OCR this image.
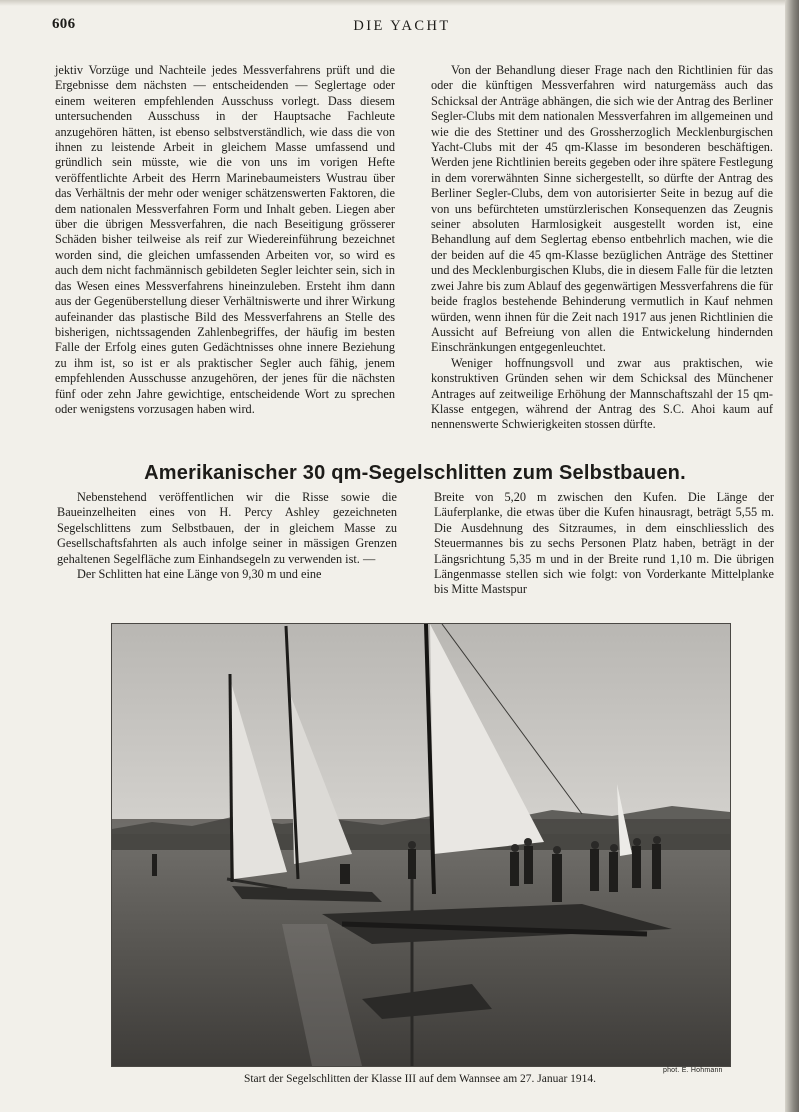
606	DIE YACHT

jektiv Vorzüge und Nachteile jedes Messverfahrens prüft und die Ergebnisse dem nächsten — entscheidenden — Seglertage oder einem weiteren empfehlenden Ausschuss vorlegt. Dass diesem untersuchenden Ausschuss in der Hauptsache Fachleute anzugehören hätten, ist ebenso selbstverständlich, wie dass die von ihnen zu leistende Arbeit in gleichem Masse umfassend und gründlich sein müsste, wie die von uns im vorigen Hefte veröffentlichte Arbeit des Herrn Marinebaumeisters Wustrau über das Verhältnis der mehr oder weniger schätzenswerten Faktoren, die dem nationalen Messverfahren Form und Inhalt geben. Liegen aber über die übrigen Messverfahren, die nach Beseitigung grösserer Schäden bisher teilweise als reif zur Wiedereinführung bezeichnet worden sind, die gleichen umfassenden Arbeiten vor, so wird es auch dem nicht fachmännisch gebildeten Segler leichter sein, sich in das Wesen eines Messverfahrens hineinzuleben. Ersteht ihm dann aus der Gegenüberstellung dieser Verhältniswerte und ihrer Wirkung aufeinander das plastische Bild des Messverfahrens an Stelle des bisherigen, nichtssagenden Zahlenbegriffes, der häufig im besten Falle der Erfolg eines guten Gedächtnisses ohne innere Beziehung zu ihm ist, so ist er als praktischer Segler auch fähig, jenem empfehlenden Ausschusse anzugehören, der jenes für die nächsten fünf oder zehn Jahre gewichtige, entscheidende Wort zu sprechen oder wenigstens vorzusagen haben wird.

Von der Behandlung dieser Frage nach den Richtlinien für das oder die künftigen Messverfahren wird naturgemäss auch das Schicksal der Anträge abhängen, die sich wie der Antrag des Berliner Segler-Clubs mit dem nationalen Messverfahren im allgemeinen und wie die des Stettiner und des Grossherzoglich Mecklenburgischen Yacht-Clubs mit der 45 qm-Klasse im besonderen beschäftigen. Werden jene Richtlinien bereits gegeben oder ihre spätere Festlegung in dem vorerwähnten Sinne sichergestellt, so dürfte der Antrag des Berliner Segler-Clubs, dem von autorisierter Seite in bezug auf die von uns befürchteten umstürzlerischen Konsequenzen das Zeugnis seiner absoluten Harmlosigkeit ausgestellt worden ist, eine Behandlung auf dem Seglertag ebenso entbehrlich machen, wie die der beiden auf die 45 qm-Klasse bezüglichen Anträge des Stettiner und des Mecklenburgischen Klubs, die in diesem Falle für die letzten zwei Jahre bis zum Ablauf des gegenwärtigen Messverfahrens die für beide fraglos bestehende Behinderung vermutlich in Kauf nehmen würden, wenn ihnen für die Zeit nach 1917 aus jenen Richtlinien die Aussicht auf Befreiung von allen die Entwickelung hindernden Einschränkungen entgegenleuchtet.

Weniger hoffnungsvoll und zwar aus praktischen, wie konstruktiven Gründen sehen wir dem Schicksal des Münchener Antrages auf zeitweilige Erhöhung der Mannschaftszahl der 15 qm-Klasse entgegen, während der Antrag des S.C. Ahoi kaum auf nennenswerte Schwierigkeiten stossen dürfte.

Amerikanischer 30 qm-Segelschlitten zum Selbstbauen.

Nebenstehend veröffentlichen wir die Risse sowie die Baueinzelheiten eines von H. Percy Ashley gezeichneten Segelschlittens zum Selbstbauen, der in gleichem Masse zu Gesellschaftsfahrten als auch infolge seiner in mässigen Grenzen gehaltenen Segelfläche zum Einhandsegeln zu verwenden ist. —

Der Schlitten hat eine Länge von 9,30 m und eine

Breite von 5,20 m zwischen den Kufen. Die Länge der Läuferplanke, die etwas über die Kufen hinausragt, beträgt 5,55 m. Die Ausdehnung des Sitzraumes, in dem einschliesslich des Steuermannes bis zu sechs Personen Platz haben, beträgt in der Längsrichtung 5,35 m und in der Breite rund 1,10 m. Die übrigen Längenmasse stellen sich wie folgt: von Vorderkante Mittelplanke bis Mitte Mastspur

phot. E. Hohmann
Start der Segelschlitten der Klasse III auf dem Wannsee am 27. Januar 1914.
